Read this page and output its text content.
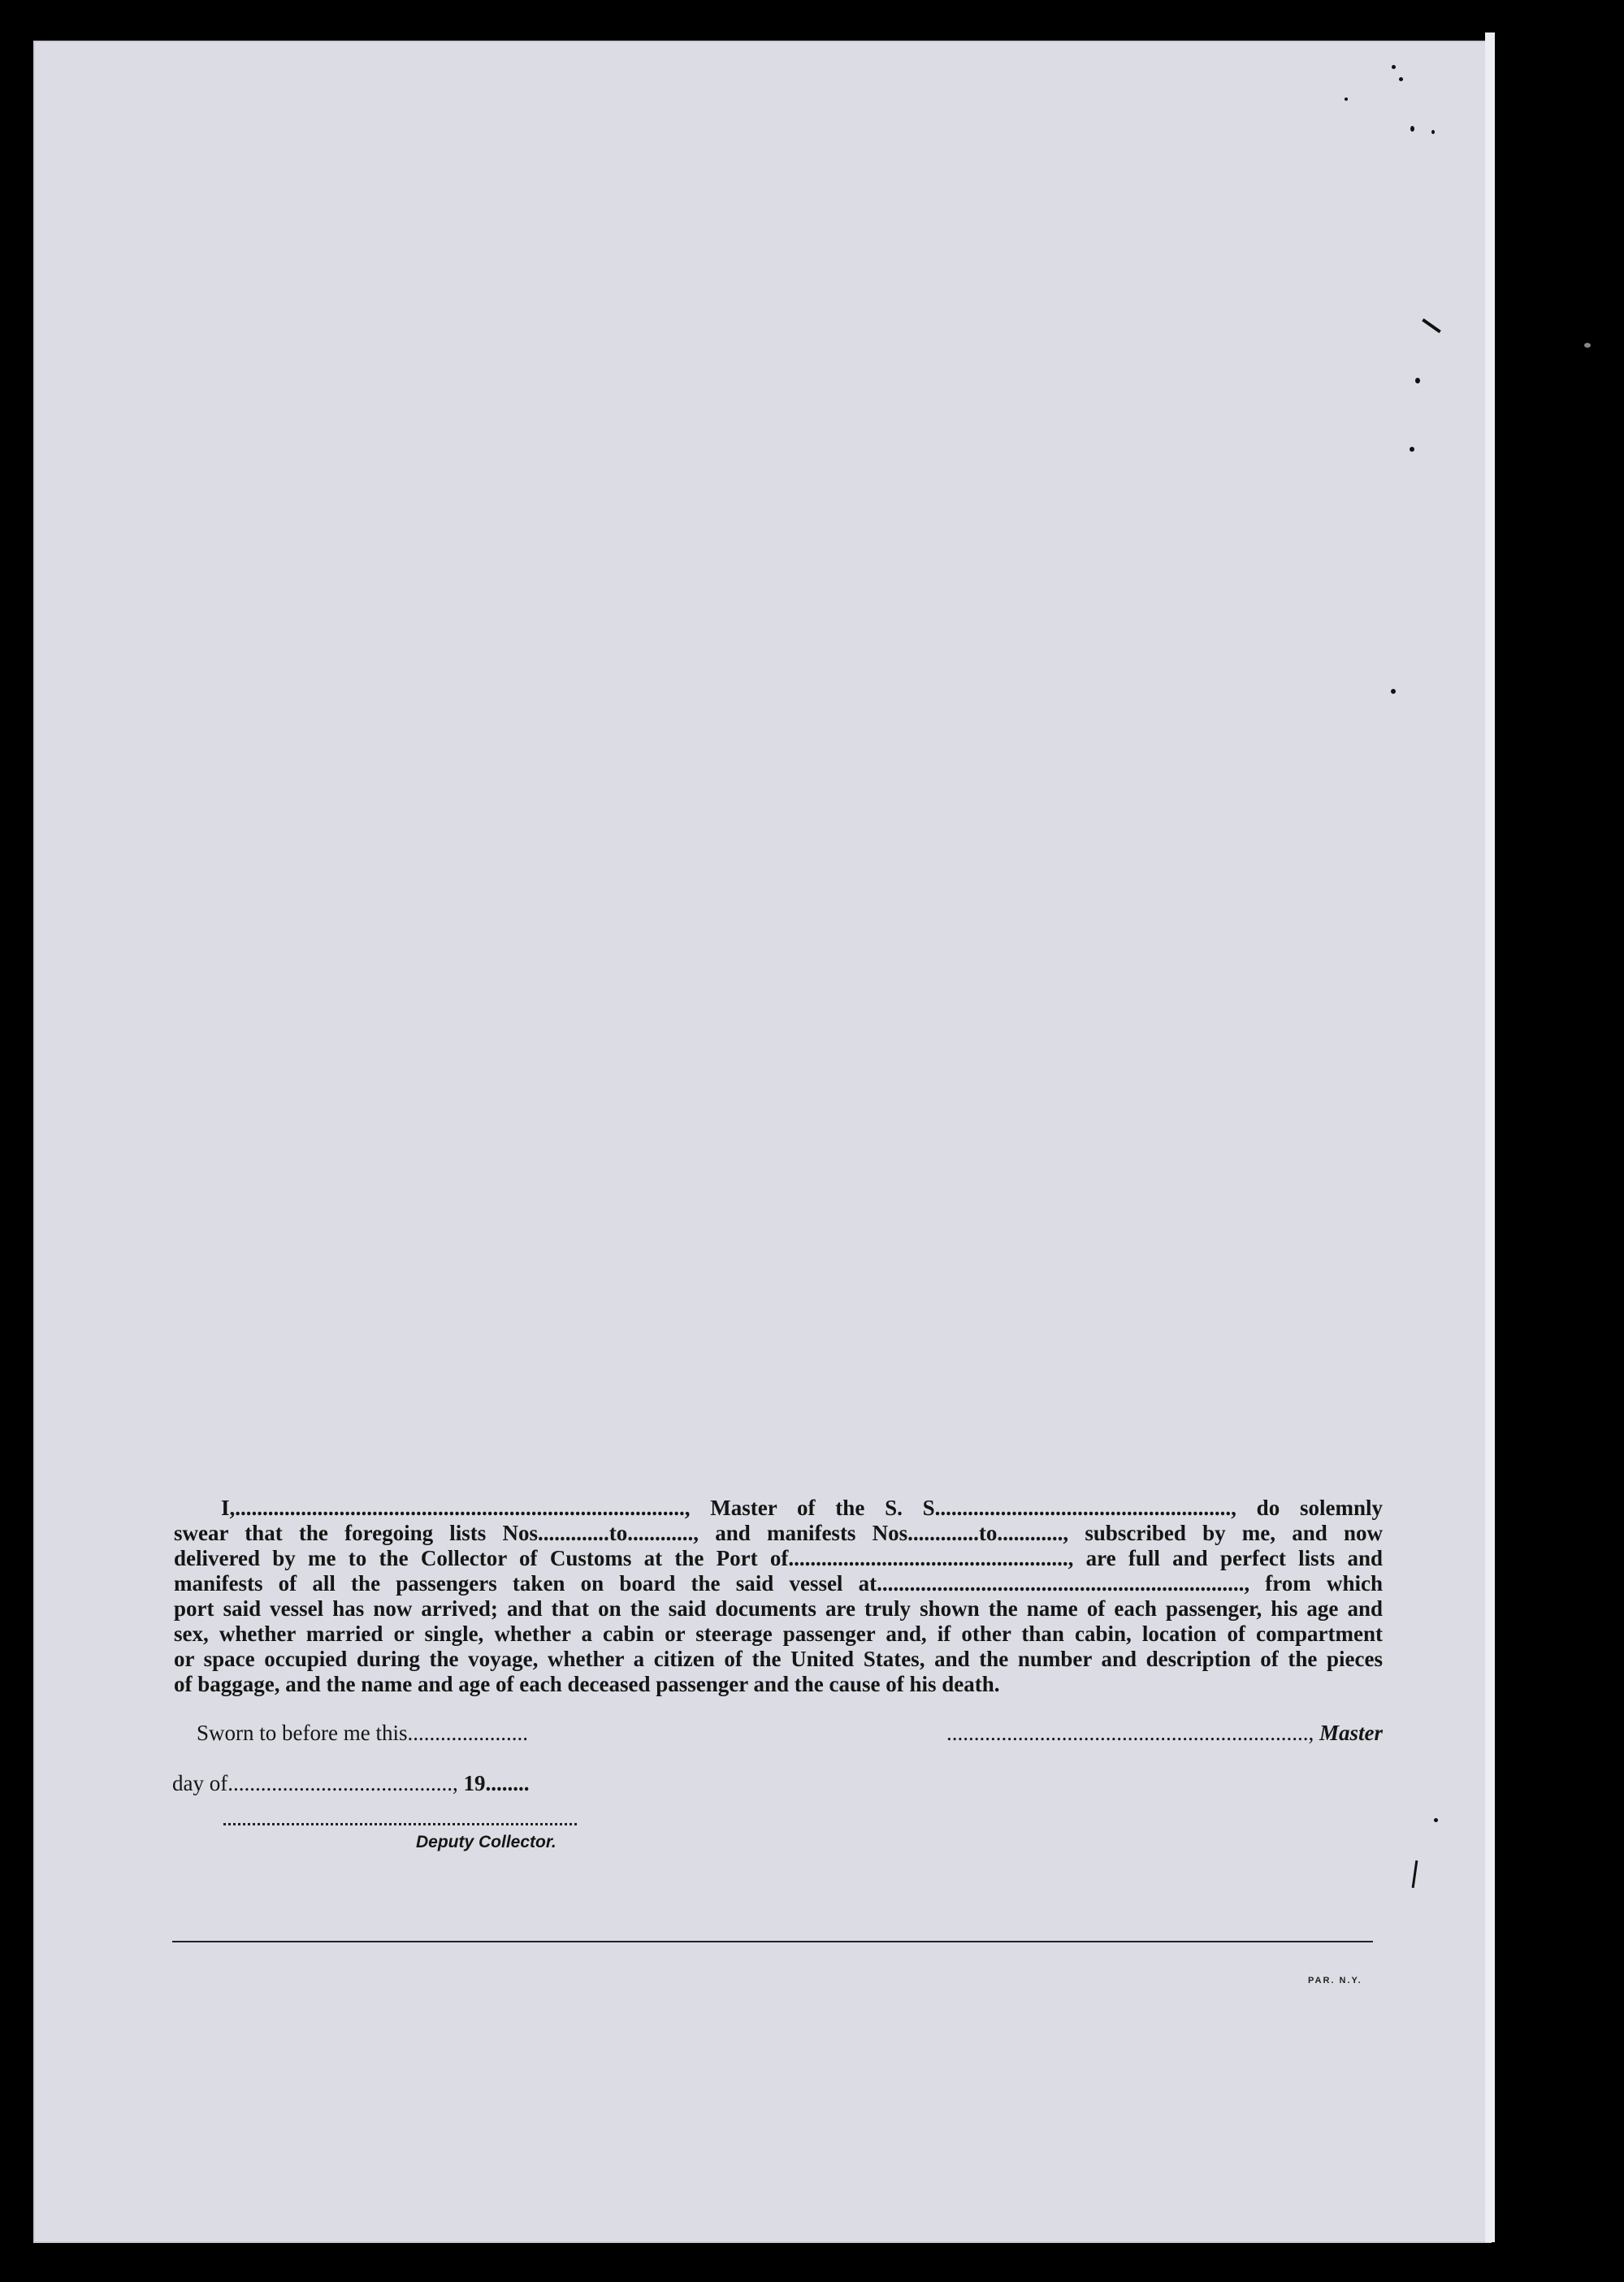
I,.................................................................................., Master of the S. S......................................................, do solemnly
swear that the foregoing lists Nos.............to............, and manifests Nos.............to............, subscribed by me, and now
delivered by me to the Collector of Customs at the Port of..................................................., are full and perfect lists and
manifests of all the passengers taken on board the said vessel at..................................................................., from which
port said vessel has now arrived; and that on the said documents are truly shown the name of each passenger, his age and
sex, whether married or single, whether a cabin or steerage passenger and, if other than cabin, location of compartment
or space occupied during the voyage, whether a citizen of the United States, and the number and description of the pieces
of baggage, and the name and age of each deceased passenger and the cause of his death.
Sworn to before me this......................	.................................................................., Master
day of........................................., 19........
Deputy Collector.
PAR. N.Y.
